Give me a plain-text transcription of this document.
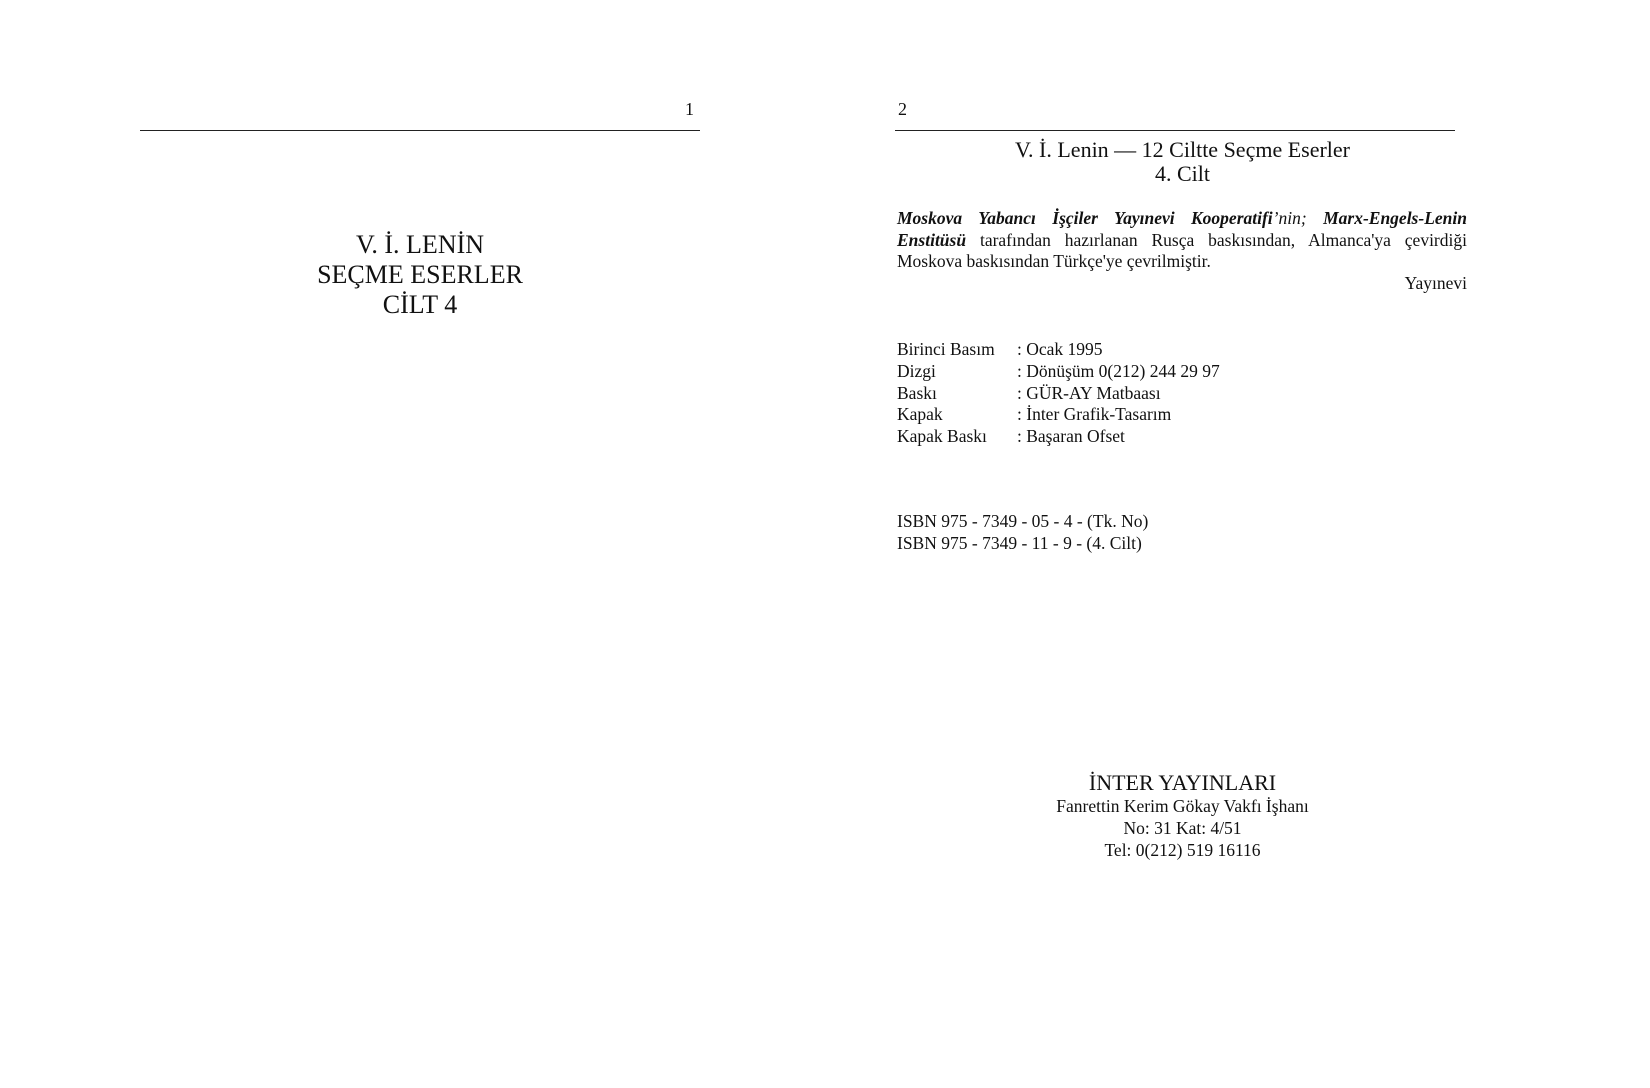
1
V. İ. LENİN
SEÇME ESERLER
CİLT 4
2
V. İ. Lenin — 12 Ciltte Seçme Eserler
4. Cilt
Moskova Yabancı İşçiler Yayınevi Kooperatifi’nin; Marx-Engels-Lenin Enstitüsü tarafından hazırlanan Rusça baskısından, Almanca'ya çevirdiği Moskova baskısından Türkçe'ye çevrilmiştir.
Yayınevi
Birinci Basım	: Ocak 1995
Dizgi	: Dönüşüm 0(212) 244 29 97
Baskı	: GÜR-AY Matbaası
Kapak	: İnter Grafik-Tasarım
Kapak Baskı	: Başaran Ofset
ISBN 975 - 7349 - 05 - 4 - (Tk. No)
ISBN 975 - 7349 - 11 - 9 - (4. Cilt)
İNTER YAYINLARI
Fanrettin Kerim Gökay Vakfı İşhanı
No: 31 Kat: 4/51
Tel: 0(212) 519 16116
